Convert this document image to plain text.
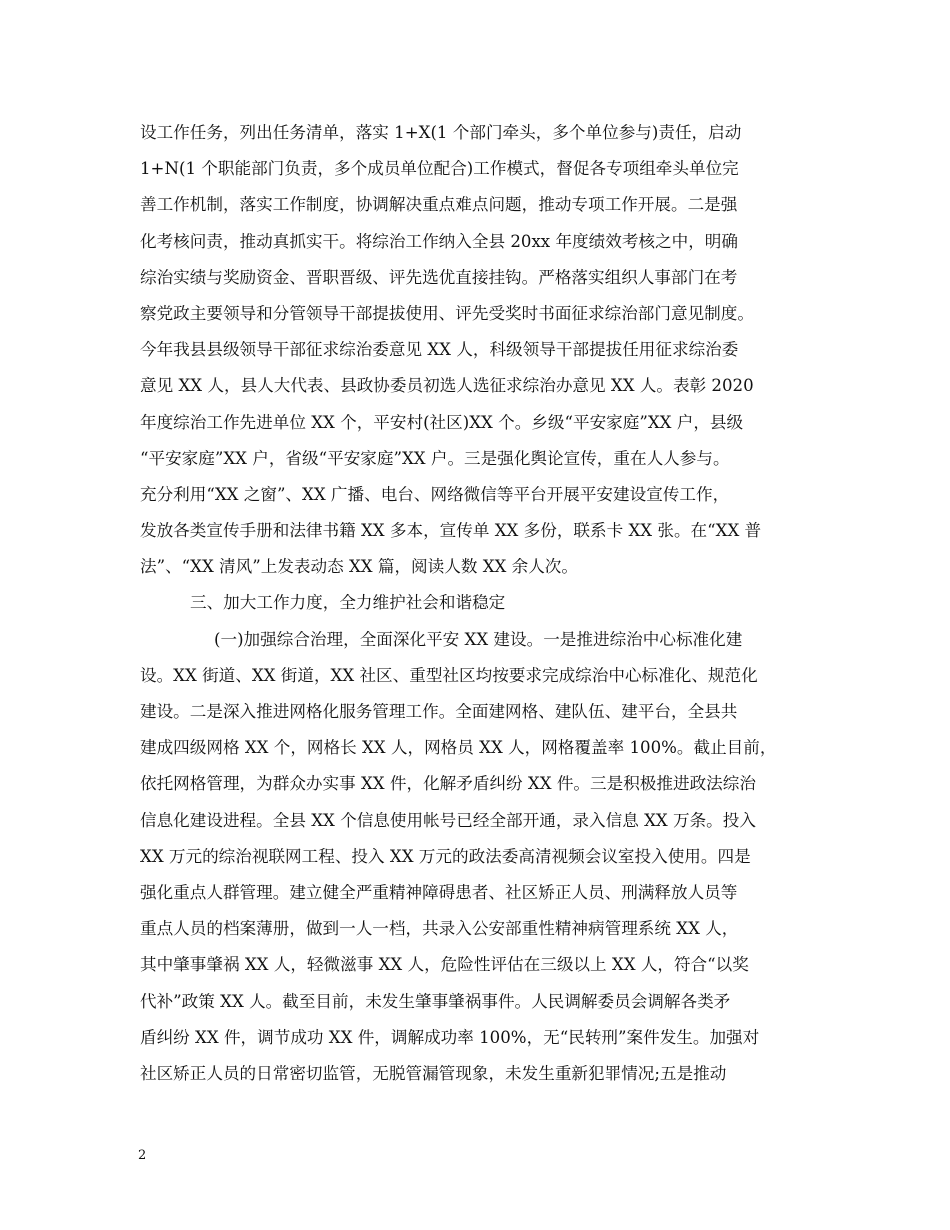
设工作任务，列出任务清单，落实 1+X(1 个部门牵头，多个单位参与)责任，启动
1+N(1 个职能部门负责，多个成员单位配合)工作模式，督促各专项组牵头单位完
善工作机制，落实工作制度，协调解决重点难点问题，推动专项工作开展。二是强
化考核问责，推动真抓实干。将综治工作纳入全县 20xx 年度绩效考核之中，明确
综治实绩与奖励资金、晋职晋级、评先选优直接挂钩。严格落实组织人事部门在考
察党政主要领导和分管领导干部提拔使用、评先受奖时书面征求综治部门意见制度。
今年我县县级领导干部征求综治委意见 XX 人，科级领导干部提拔任用征求综治委
意见 XX 人，县人大代表、县政协委员初选人选征求综治办意见 XX 人。表彰 2020
年度综治工作先进单位 XX 个，平安村(社区)XX 个。乡级“平安家庭”XX 户，县级
“平安家庭”XX 户，省级“平安家庭”XX 户。三是强化舆论宣传，重在人人参与。
充分利用“XX 之窗”、XX 广播、电台、网络微信等平台开展平安建设宣传工作，
发放各类宣传手册和法律书籍 XX 多本，宣传单 XX 多份，联系卡 XX 张。在“XX 普
法”、“XX 清风”上发表动态 XX 篇，阅读人数 XX 余人次。
三、加大工作力度，全力维护社会和谐稳定
(一)加强综合治理，全面深化平安 XX 建设。一是推进综治中心标准化建
设。XX 街道、XX 街道，XX 社区、重型社区均按要求完成综治中心标准化、规范化
建设。二是深入推进网格化服务管理工作。全面建网格、建队伍、建平台，全县共
建成四级网格 XX 个，网格长 XX 人，网格员 XX 人，网格覆盖率 100%。截止目前，
依托网格管理，为群众办实事 XX 件，化解矛盾纠纷 XX 件。三是积极推进政法综治
信息化建设进程。全县 XX 个信息使用帐号已经全部开通，录入信息 XX 万条。投入
XX 万元的综治视联网工程、投入 XX 万元的政法委高清视频会议室投入使用。四是
强化重点人群管理。建立健全严重精神障碍患者、社区矫正人员、刑满释放人员等
重点人员的档案薄册，做到一人一档，共录入公安部重性精神病管理系统 XX 人，
其中肇事肇祸 XX 人，轻微滋事 XX 人，危险性评估在三级以上 XX 人，符合“以奖
代补”政策 XX 人。截至目前，未发生肇事肇祸事件。人民调解委员会调解各类矛
盾纠纷 XX 件，调节成功 XX 件，调解成功率 100%，无“民转刑”案件发生。加强对
社区矫正人员的日常密切监管，无脱管漏管现象，未发生重新犯罪情况;五是推动
2
